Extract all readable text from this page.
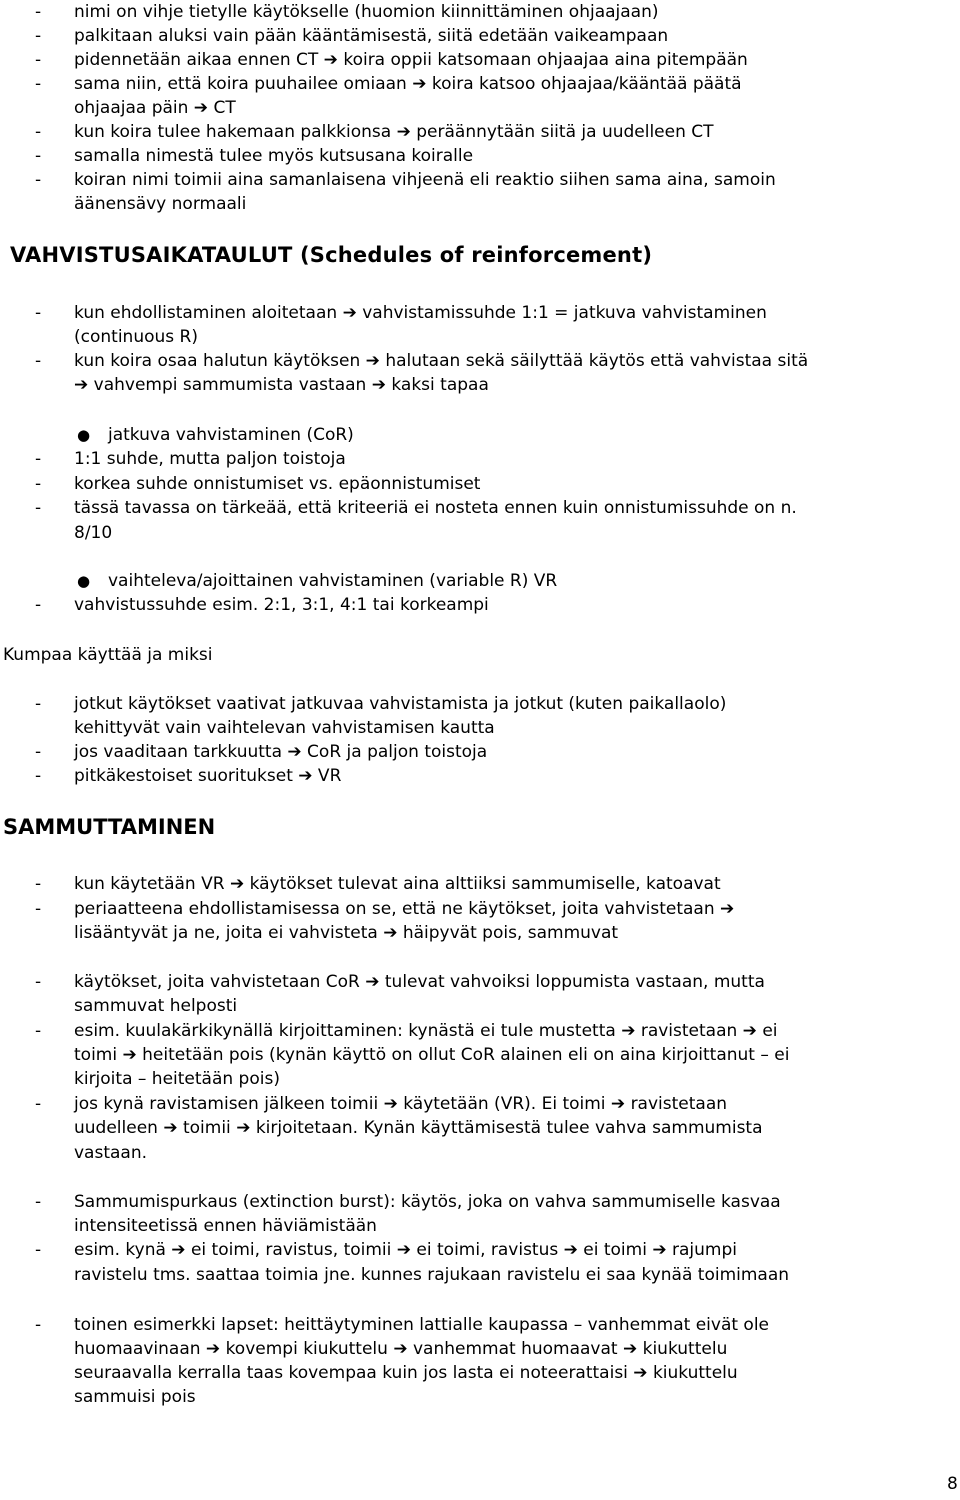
- nimi on vihje tietylle käytökselle (huomion kiinnittäminen ohjaajaan)
- palkitaan aluksi vain pään kääntämisestä, siitä edetään vaikeampaan
- pidennetään aikaa ennen CT ➔ koira oppii katsomaan ohjaajaa aina pitempään
- sama niin, että koira puuhailee omiaan ➔ koira katsoo ohjaajaa/kääntää päätä
ohjaajaa päin ➔ CT
- kun koira tulee hakemaan palkkionsa ➔ peräännytään siitä ja uudelleen CT
- samalla nimestä tulee myös kutsusana koiralle
- koiran nimi toimii aina samanlaisena vihjeenä eli reaktio siihen sama aina, samoin
äänensävy normaali
VAHVISTUSAIKATAULUT (Schedules of reinforcement)
- kun ehdollistaminen aloitetaan ➔ vahvistamissuhde 1:1 = jatkuva vahvistaminen
(continuous R)
- kun koira osaa halutun käytöksen ➔ halutaan sekä säilyttää käytös että vahvistaa sitä
➔ vahvempi sammumista vastaan ➔ kaksi tapaa
● jatkuva vahvistaminen (CoR)
- 1:1 suhde, mutta paljon toistoja
- korkea suhde onnistumiset vs. epäonnistumiset
- tässä tavassa on tärkeää, että kriteeriä ei nosteta ennen kuin onnistumissuhde on n.
8/10
● vaihteleva/ajoittainen vahvistaminen (variable R) VR
- vahvistussuhde esim. 2:1, 3:1, 4:1 tai korkeampi
Kumpaa käyttää ja miksi
- jotkut käytökset vaativat jatkuvaa vahvistamista ja jotkut (kuten paikallaolo)
kehittyvät vain vaihtelevan vahvistamisen kautta
- jos vaaditaan tarkkuutta ➔ CoR ja paljon toistoja
- pitkäkestoiset suoritukset ➔ VR
SAMMUTTAMINEN
- kun käytetään VR ➔ käytökset tulevat aina alttiiksi sammumiselle, katoavat
- periaatteena ehdollistamisessa on se, että ne käytökset, joita vahvistetaan ➔
lisääntyvät ja ne, joita ei vahvisteta ➔ häipyvät pois, sammuvat
- käytökset, joita vahvistetaan CoR ➔ tulevat vahvoiksi loppumista vastaan, mutta
sammuvat helposti
- esim. kuulakärkikynällä kirjoittaminen: kynästä ei tule mustetta ➔ ravistetaan ➔ ei
toimi ➔ heitetään pois (kynän käyttö on ollut CoR alainen eli on aina kirjoittanut – ei
kirjoita – heitetään pois)
- jos kynä ravistamisen jälkeen toimii ➔ käytetään (VR). Ei toimi ➔ ravistetaan
uudelleen ➔ toimii ➔ kirjoitetaan. Kynän käyttämisestä tulee vahva sammumista
vastaan.
- Sammumispurkaus (extinction burst): käytös, joka on vahva sammumiselle kasvaa
intensiteetissä ennen häviämistään
- esim. kynä ➔ ei toimi, ravistus, toimii ➔ ei toimi, ravistus ➔ ei toimi ➔ rajumpi
ravistelu tms. saattaa toimia jne. kunnes rajukaan ravistelu ei saa kynää toimimaan
- toinen esimerkki lapset: heittäytyminen lattialle kaupassa – vanhemmat eivät ole
huomaavinaan ➔ kovempi kiukuttelu ➔ vanhemmat huomaavat ➔ kiukuttelu
seuraavalla kerralla taas kovempaa kuin jos lasta ei noteerattaisi ➔ kiukuttelu
sammuisi pois
8
